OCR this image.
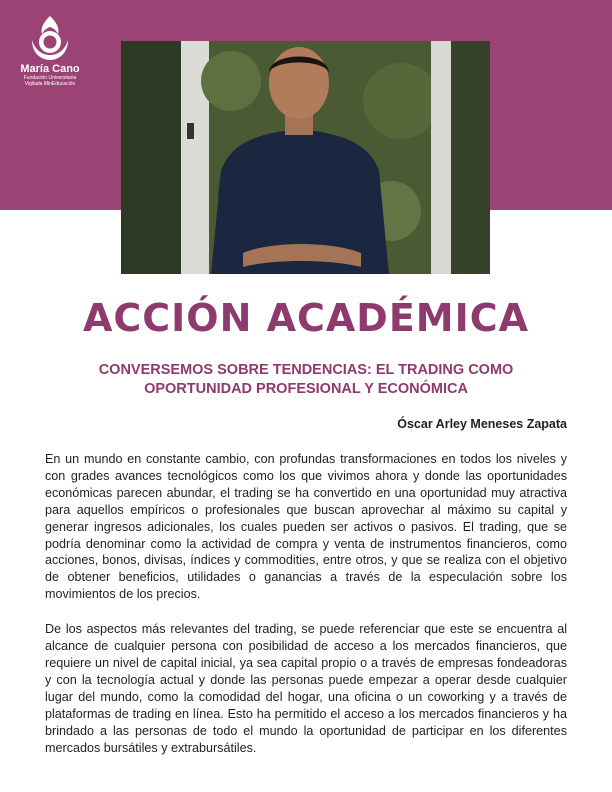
María Cano
Fundación Universitaria
Vigilada MinEducación
ACCIÓN ACADÉMICA
CONVERSEMOS SOBRE TENDENCIAS: EL TRADING COMO
OPORTUNIDAD PROFESIONAL Y ECONÓMICA
Óscar Arley Meneses Zapata

En un mundo en constante cambio, con profundas transformaciones en todos los niveles y con grades avances tecnológicos como los que vivimos ahora y donde las oportunidades económicas parecen abundar, el trading se ha convertido en una oportunidad muy atractiva para aquellos empíricos o profesionales que buscan aprovechar al máximo su capital y generar ingresos adicionales, los cuales pueden ser activos o pasivos. El trading, que se podría denominar como la actividad de compra y venta de instrumentos financieros, como acciones, bonos, divisas, índices y commodities, entre otros, y que se realiza con el objetivo de obtener beneficios, utilidades o ganancias a través de la especulación sobre los movimientos de los precios.

De los aspectos más relevantes del trading, se puede referenciar que este se encuentra al alcance de cualquier persona con posibilidad de acceso a los mercados financieros, que requiere un nivel de capital inicial, ya sea capital propio o a través de empresas fondeadoras y con la tecnología actual y donde las personas puede empezar a operar desde cualquier lugar del mundo, como la comodidad del hogar, una oficina o un coworking y a través de plataformas de trading en línea. Esto ha permitido el acceso a los mercados financieros y ha brindado a las personas de todo el mundo la oportunidad de participar en los diferentes mercados bursátiles y extrabursátiles.
